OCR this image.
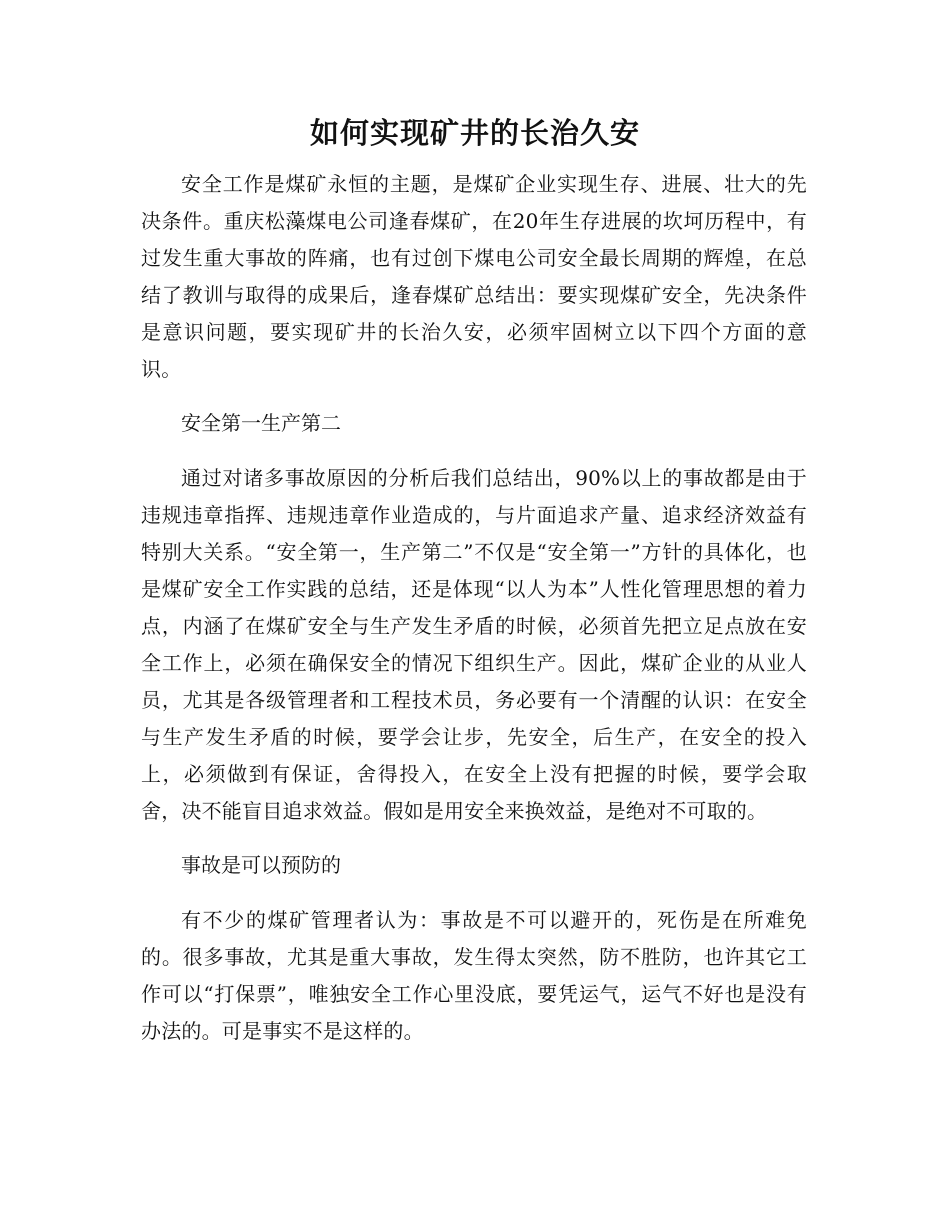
如何实现矿井的长治久安

安全工作是煤矿永恒的主题，是煤矿企业实现生存、进展、壮大的先决条件。重庆松藻煤电公司逢春煤矿，在20年生存进展的坎坷历程中，有过发生重大事故的阵痛，也有过创下煤电公司安全最长周期的辉煌，在总结了教训与取得的成果后，逢春煤矿总结出：要实现煤矿安全，先决条件是意识问题，要实现矿井的长治久安，必须牢固树立以下四个方面的意识。

安全第一生产第二

通过对诸多事故原因的分析后我们总结出，90%以上的事故都是由于违规违章指挥、违规违章作业造成的，与片面追求产量、追求经济效益有特别大关系。“安全第一，生产第二”不仅是“安全第一”方针的具体化，也是煤矿安全工作实践的总结，还是体现“以人为本”人性化管理思想的着力点，内涵了在煤矿安全与生产发生矛盾的时候，必须首先把立足点放在安全工作上，必须在确保安全的情况下组织生产。因此，煤矿企业的从业人员，尤其是各级管理者和工程技术员，务必要有一个清醒的认识：在安全与生产发生矛盾的时候，要学会让步，先安全，后生产，在安全的投入上，必须做到有保证，舍得投入，在安全上没有把握的时候，要学会取舍，决不能盲目追求效益。假如是用安全来换效益，是绝对不可取的。

事故是可以预防的

有不少的煤矿管理者认为：事故是不可以避开的，死伤是在所难免的。很多事故，尤其是重大事故，发生得太突然，防不胜防，也许其它工作可以“打保票”，唯独安全工作心里没底，要凭运气，运气不好也是没有办法的。可是事实不是这样的。
